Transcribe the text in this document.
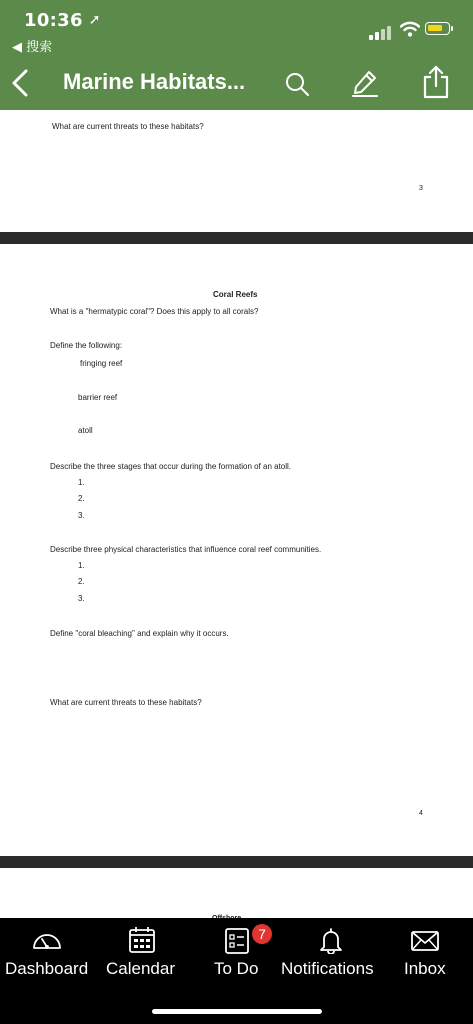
10:36 ➚
◀ 搜索
Marine Habitats...
What are current threats to these habitats?
3
Coral Reefs
What is a "hermatypic coral"? Does this apply to all corals?
Define the following:
fringing reef
barrier reef
atoll
Describe the three stages that occur during the formation of an atoll.
1.
2.
3.
Describe three physical characteristics that influence coral reef communities.
1.
2.
3.
Define "coral bleaching" and explain why it occurs.
What are current threats to these habitats?
4
Dashboard Calendar
7
To Do Notifications Inbox
